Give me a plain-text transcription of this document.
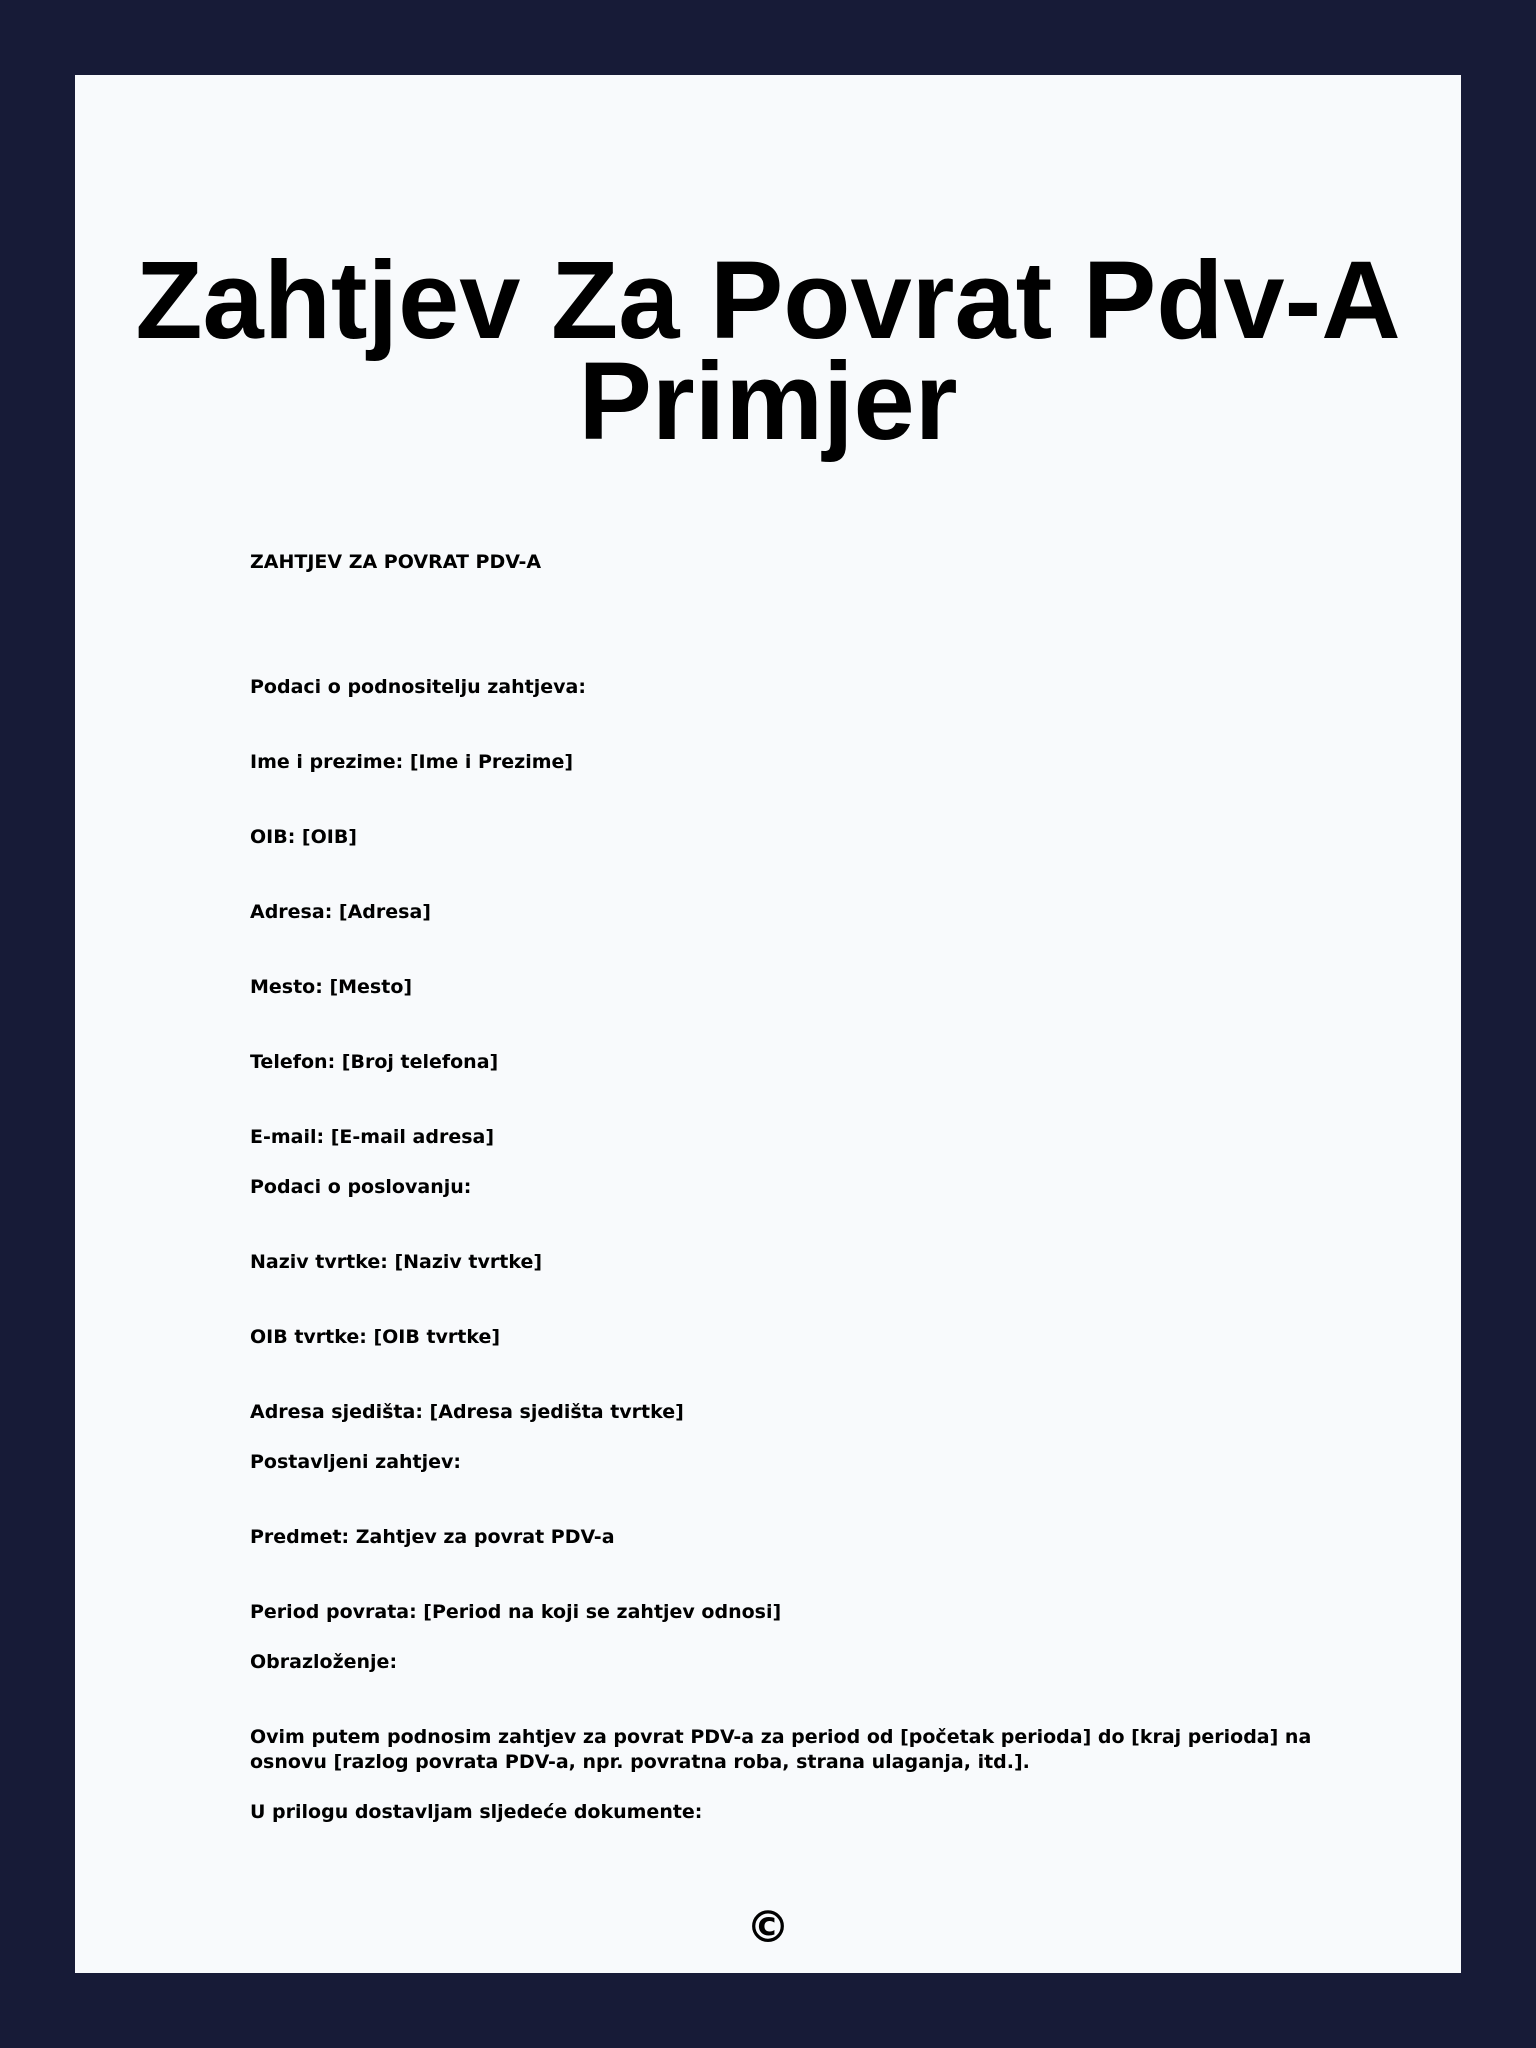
Zahtjev Za Povrat Pdv-A
Primjer
ZAHTJEV ZA POVRAT PDV-A
Podaci o podnositelju zahtjeva:
Ime i prezime: [Ime i Prezime]
OIB: [OIB]
Adresa: [Adresa]
Mesto: [Mesto]
Telefon: [Broj telefona]
E-mail: [E-mail adresa]
Podaci o poslovanju:
Naziv tvrtke: [Naziv tvrtke]
OIB tvrtke: [OIB tvrtke]
Adresa sjedišta: [Adresa sjedišta tvrtke]
Postavljeni zahtjev:
Predmet: Zahtjev za povrat PDV-a
Period povrata: [Period na koji se zahtjev odnosi]
Obrazloženje:
Ovim putem podnosim zahtjev za povrat PDV-a za period od [početak perioda] do [kraj perioda] na osnovu [razlog povrata PDV-a, npr. povratna roba, strana ulaganja, itd.].
U prilogu dostavljam sljedeće dokumente:
©
